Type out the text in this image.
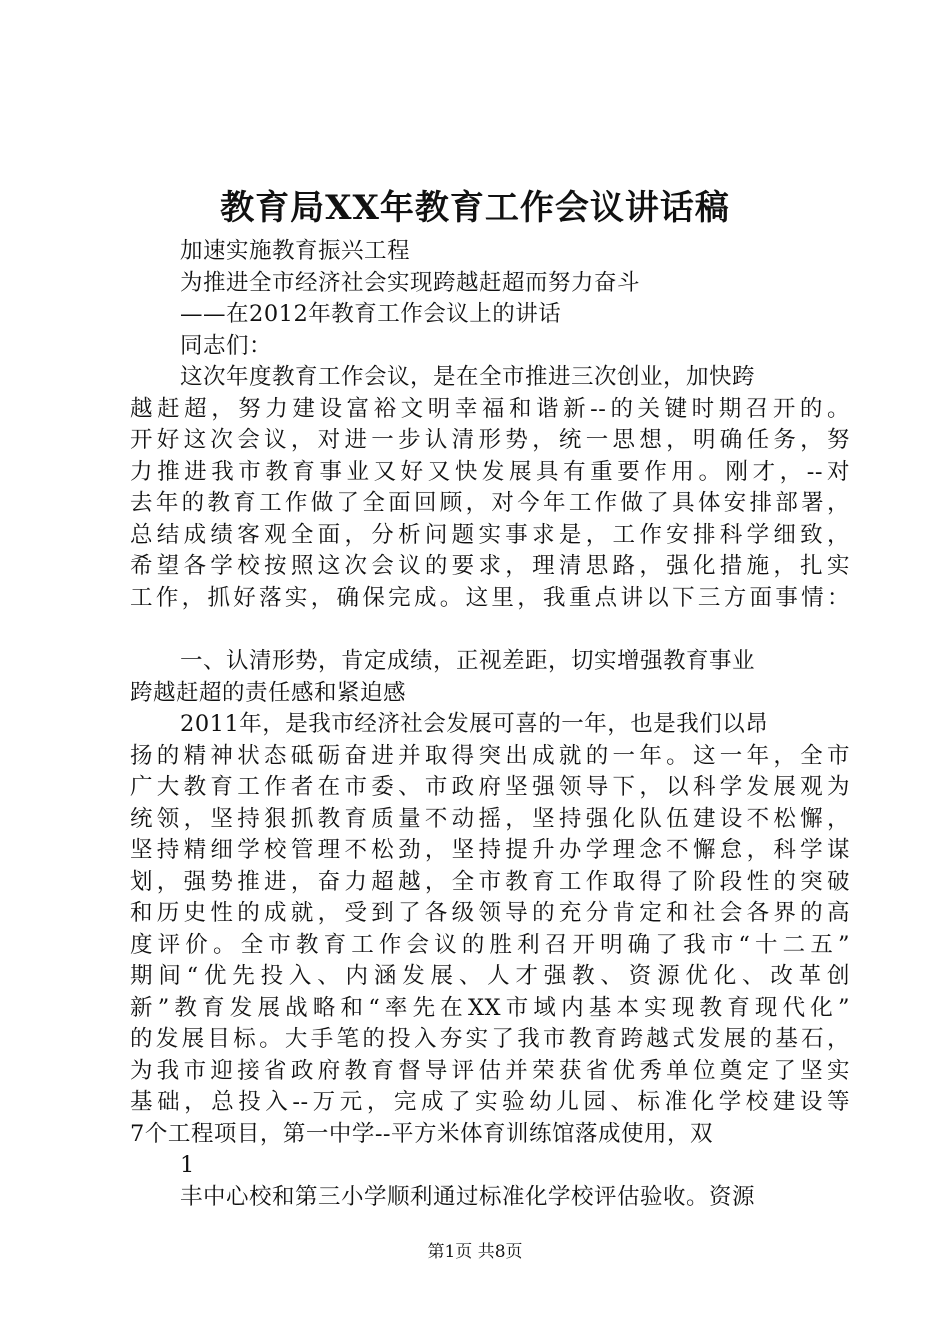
教育局XX年教育工作会议讲话稿
加速实施教育振兴工程
为推进全市经济社会实现跨越赶超而努力奋斗
——在2012年教育工作会议上的讲话
同志们：
这次年度教育工作会议，是在全市推进三次创业，加快跨
越赶超，努力建设富裕文明幸福和谐新--的关键时期召开的。
开好这次会议，对进一步认清形势，统一思想，明确任务，努
力推进我市教育事业又好又快发展具有重要作用。刚才，--对
去年的教育工作做了全面回顾，对今年工作做了具体安排部署，
总结成绩客观全面，分析问题实事求是，工作安排科学细致，
希望各学校按照这次会议的要求，理清思路，强化措施，扎实
工作，抓好落实，确保完成。这里，我重点讲以下三方面事情：
一、认清形势，肯定成绩，正视差距，切实增强教育事业
跨越赶超的责任感和紧迫感
2011年，是我市经济社会发展可喜的一年，也是我们以昂
扬的精神状态砥砺奋进并取得突出成就的一年。这一年，全市
广大教育工作者在市委、市政府坚强领导下，以科学发展观为
统领，坚持狠抓教育质量不动摇，坚持强化队伍建设不松懈，
坚持精细学校管理不松劲，坚持提升办学理念不懈怠，科学谋
划，强势推进，奋力超越，全市教育工作取得了阶段性的突破
和历史性的成就，受到了各级领导的充分肯定和社会各界的高
度评价。全市教育工作会议的胜利召开明确了我市“十二五”
期间“优先投入、内涵发展、人才强教、资源优化、改革创
新”教育发展战略和“率先在XX市域内基本实现教育现代化”
的发展目标。大手笔的投入夯实了我市教育跨越式发展的基石，
为我市迎接省政府教育督导评估并荣获省优秀单位奠定了坚实
基础，总投入--万元，完成了实验幼儿园、标准化学校建设等
7个工程项目，第一中学--平方米体育训练馆落成使用，双
1
丰中心校和第三小学顺利通过标准化学校评估验收。资源
第1页 共8页
